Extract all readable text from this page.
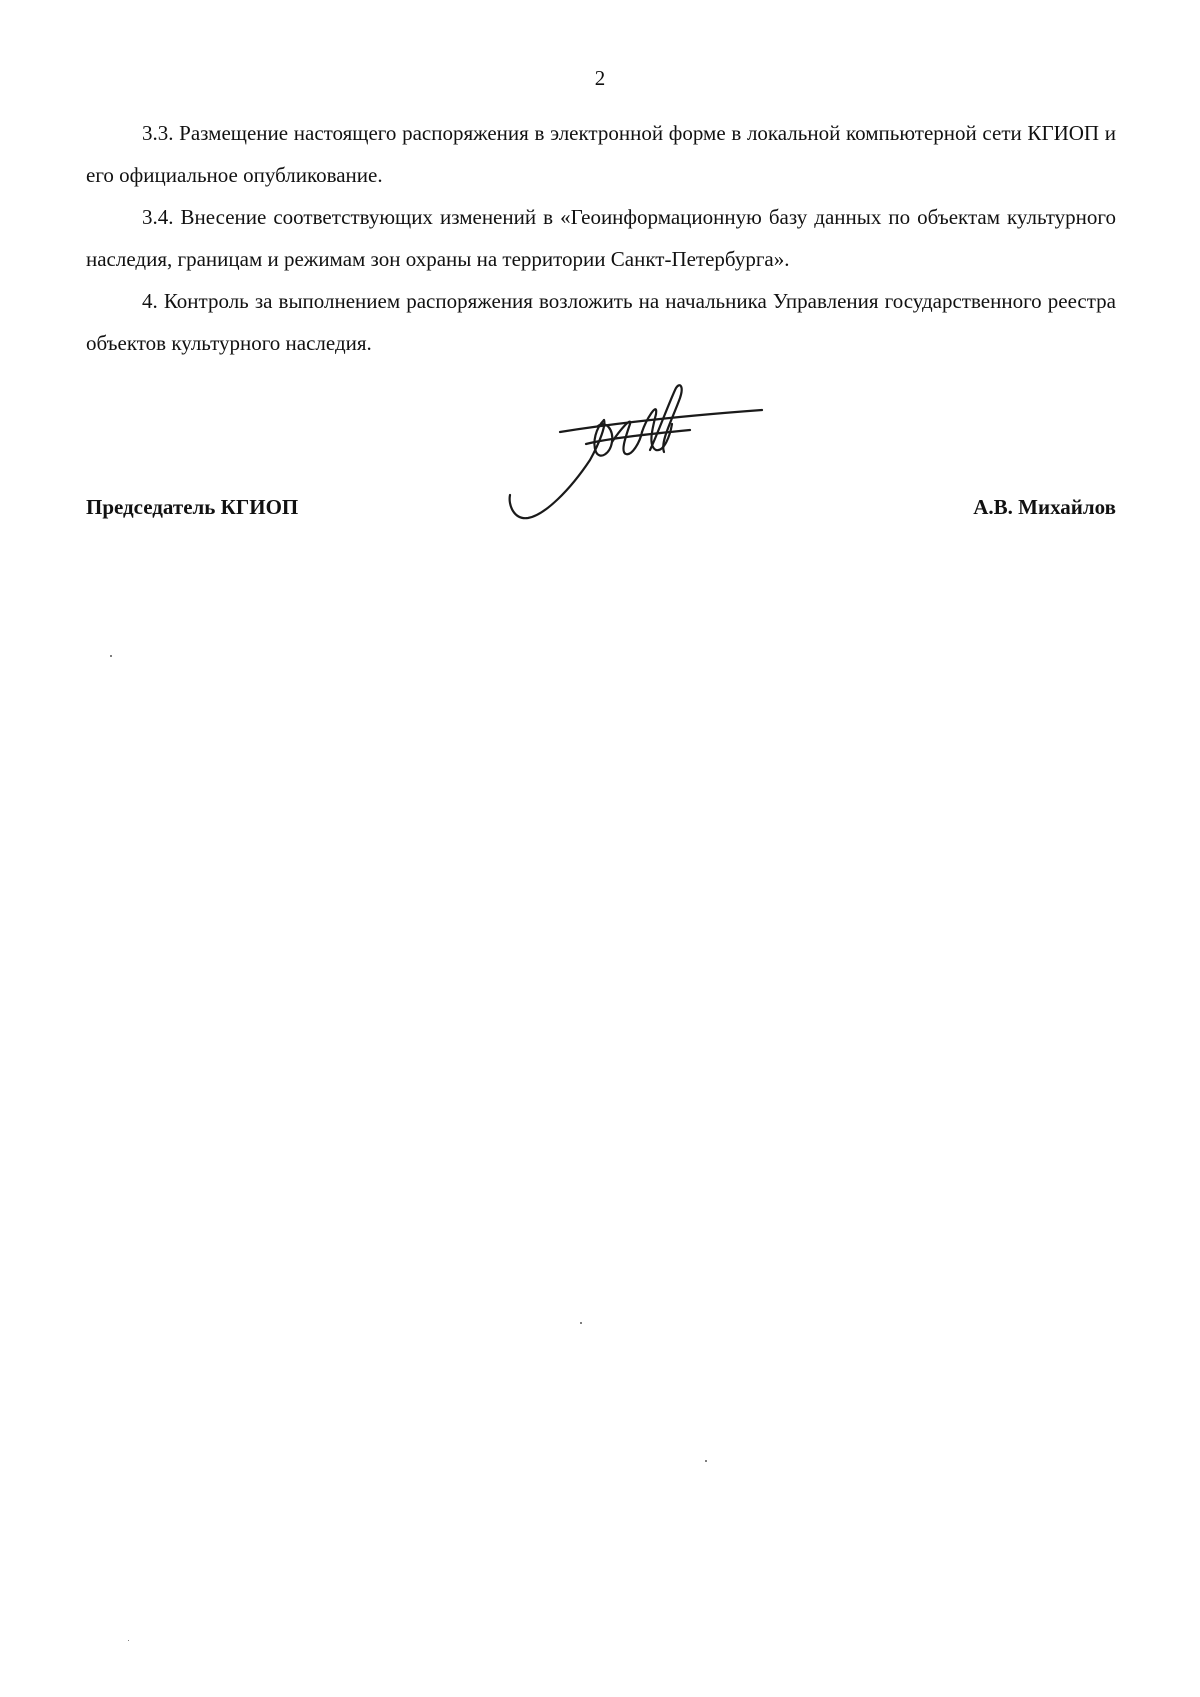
2

3.3. Размещение настоящего распоряжения в электронной форме в локальной компьютерной сети КГИОП и его официальное опубликование.

3.4. Внесение соответствующих изменений в «Геоинформационную базу данных по объектам культурного наследия, границам и режимам зон охраны на территории Санкт-Петербурга».

4. Контроль за выполнением распоряжения возложить на начальника Управления государственного реестра объектов культурного наследия.

Председатель КГИОП	А.В. Михайлов
